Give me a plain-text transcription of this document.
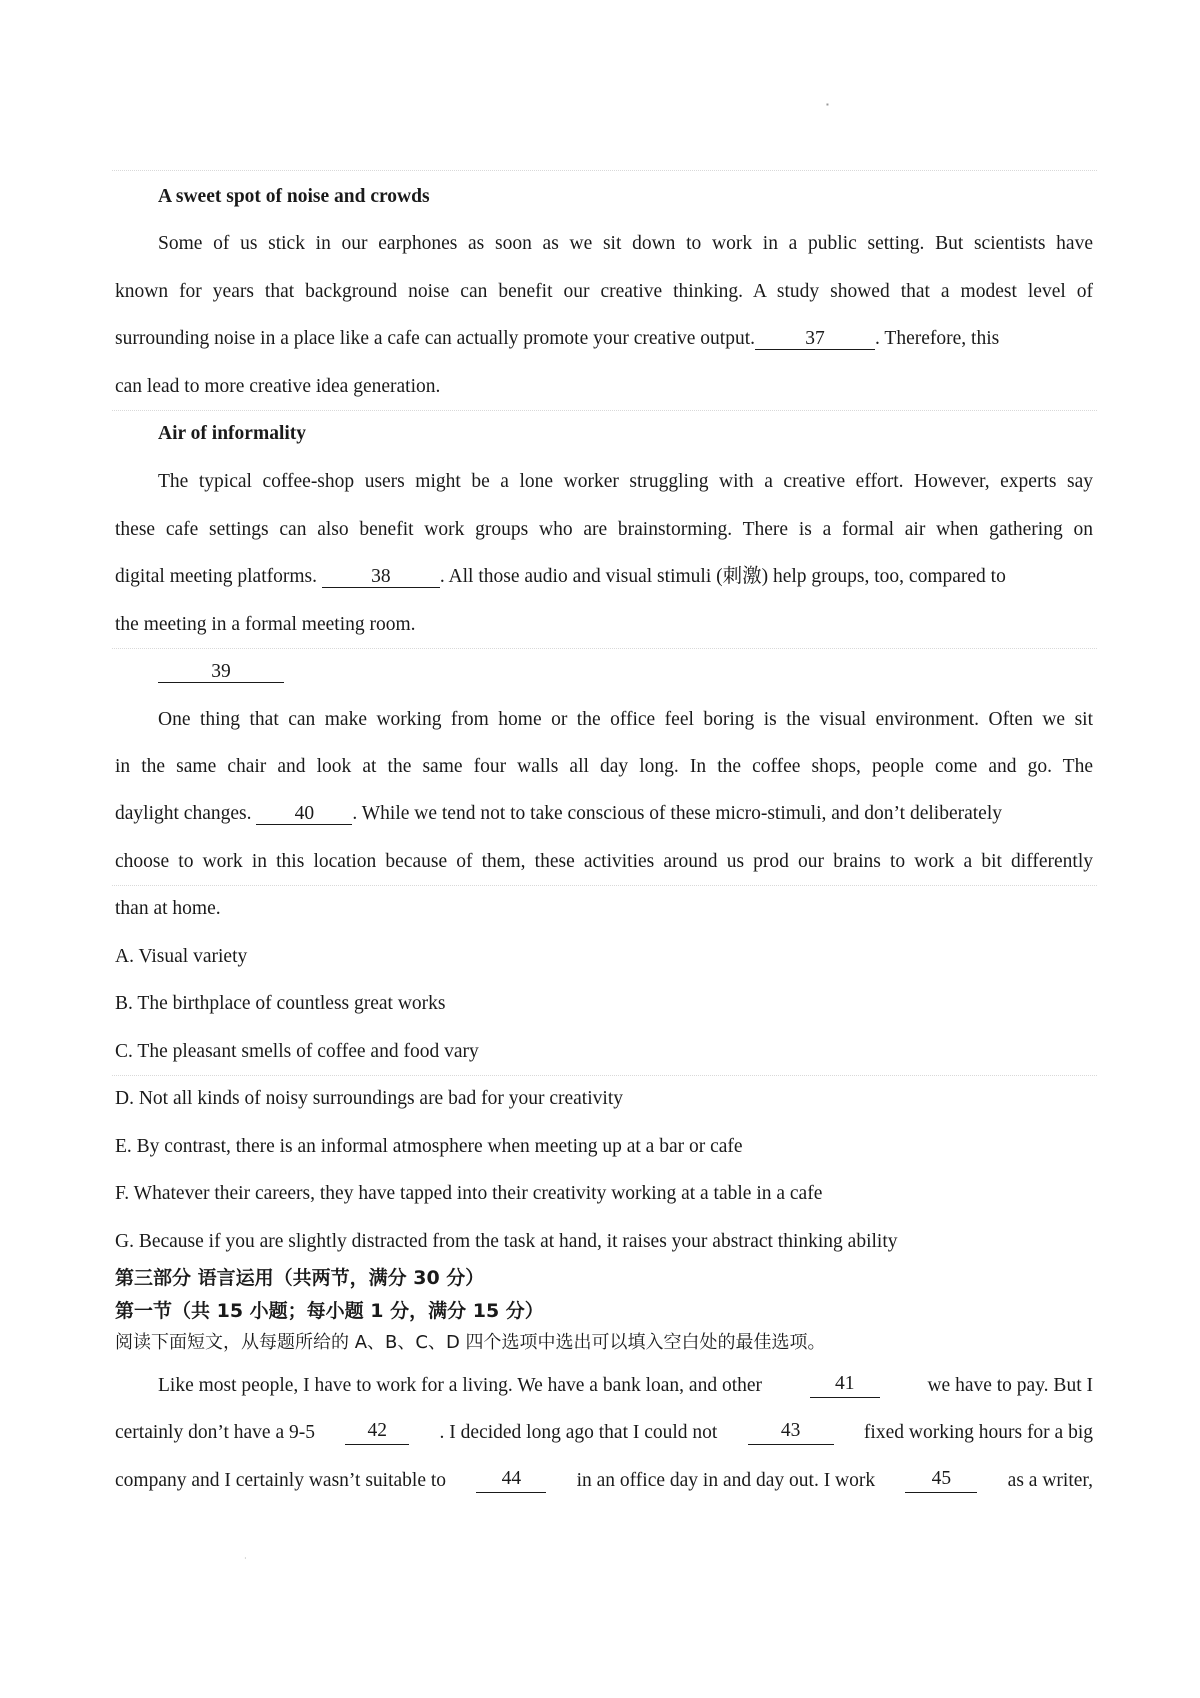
▪
·
A sweet spot of noise and crowds
Some of us stick in our earphones as soon as we sit down to work in a public setting. But scientists have
known for years that background noise can benefit our creative thinking. A study showed that a modest level of
surrounding noise in a place like a cafe can actually promote your creative output.	37	. Therefore, this
can lead to more creative idea generation.
Air of informality
The typical coffee-shop users might be a lone worker struggling with a creative effort. However, experts say
these cafe settings can also benefit work groups who are brainstorming. There is a formal air when gathering on
digital meeting platforms.	38	. All those audio and visual stimuli (刺激) help groups, too, compared to
the meeting in a formal meeting room.
39
One thing that can make working from home or the office feel boring is the visual environment. Often we sit
in the same chair and look at the same four walls all day long. In the coffee shops, people come and go. The
daylight changes. 40 . While we tend not to take conscious of these micro-stimuli, and don’t deliberately
choose to work in this location because of them, these activities around us prod our brains to work a bit differently
than at home.
A. Visual variety
B. The birthplace of countless great works
C. The pleasant smells of coffee and food vary
D. Not all kinds of noisy surroundings are bad for your creativity
E. By contrast, there is an informal atmosphere when meeting up at a bar or cafe
F. Whatever their careers, they have tapped into their creativity working at a table in a cafe
G. Because if you are slightly distracted from the task at hand, it raises your abstract thinking ability
第三部分 语言运用（共两节，满分 30 分）
第一节（共 15 小题；每小题 1 分，满分 15 分）
阅读下面短文，从每题所给的 A、B、C、D 四个选项中选出可以填入空白处的最佳选项。
Like most people, I have to work for a living. We have a bank loan, and other	41	we have to pay. But I
certainly don’t have a 9-5	42	. I decided long ago that I could not	43	fixed working hours for a big
company and I certainly wasn’t suitable to	44	in an office day in and day out. I work	45	as a writer,
